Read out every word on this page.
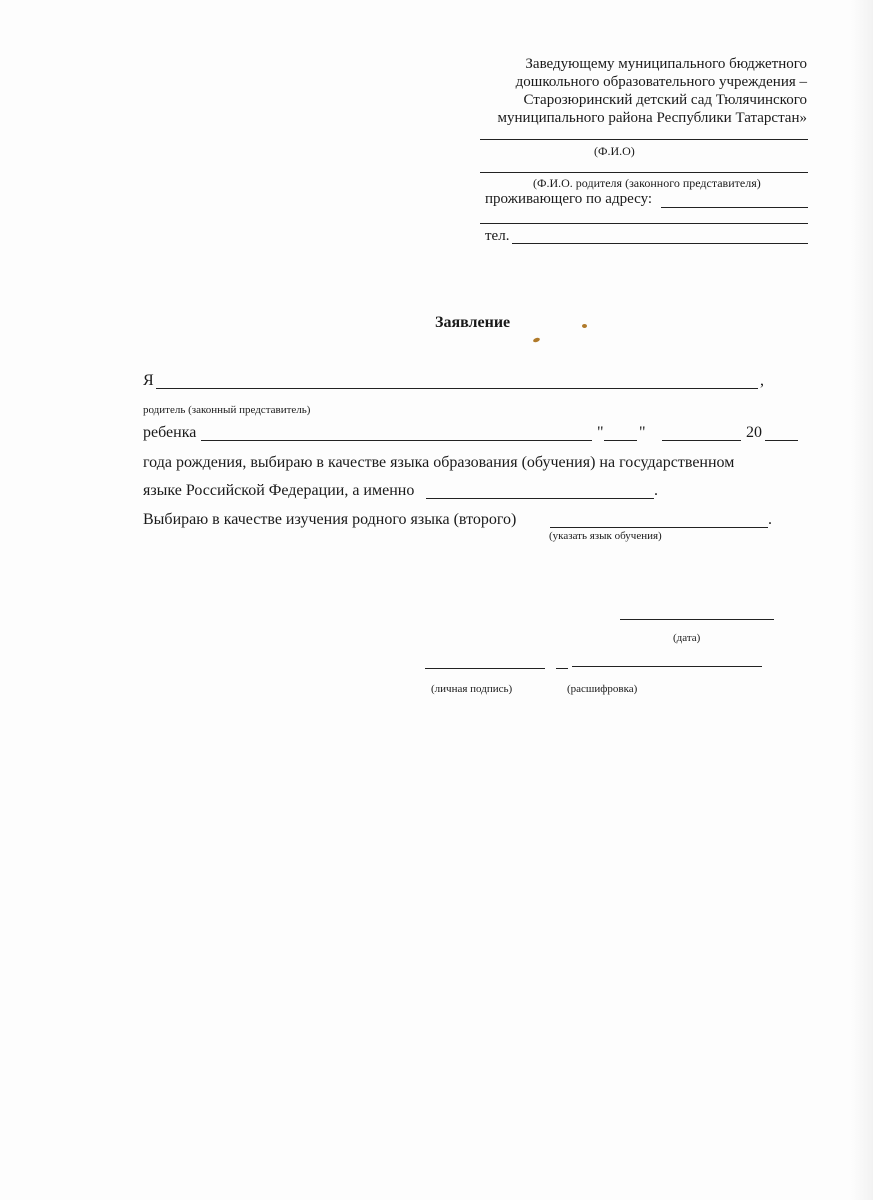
Заведующему муниципального бюджетного
дошкольного образовательного учреждения –
Старозюринский детский сад Тюлячинского
муниципального района Республики Татарстан»
(Ф.И.О)
(Ф.И.О. родителя (законного представителя)
проживающего по адресу:
тел.
Заявление
Я	,
родитель (законный представитель)
ребенка	" "	20
года рождения, выбираю в качестве языка образования (обучения) на государственном
языке Российской Федерации, а именно	.
Выбираю в качестве изучения родного языка (второго)	.
(указать язык обучения)
(дата)
(личная подпись)	(расшифровка)
